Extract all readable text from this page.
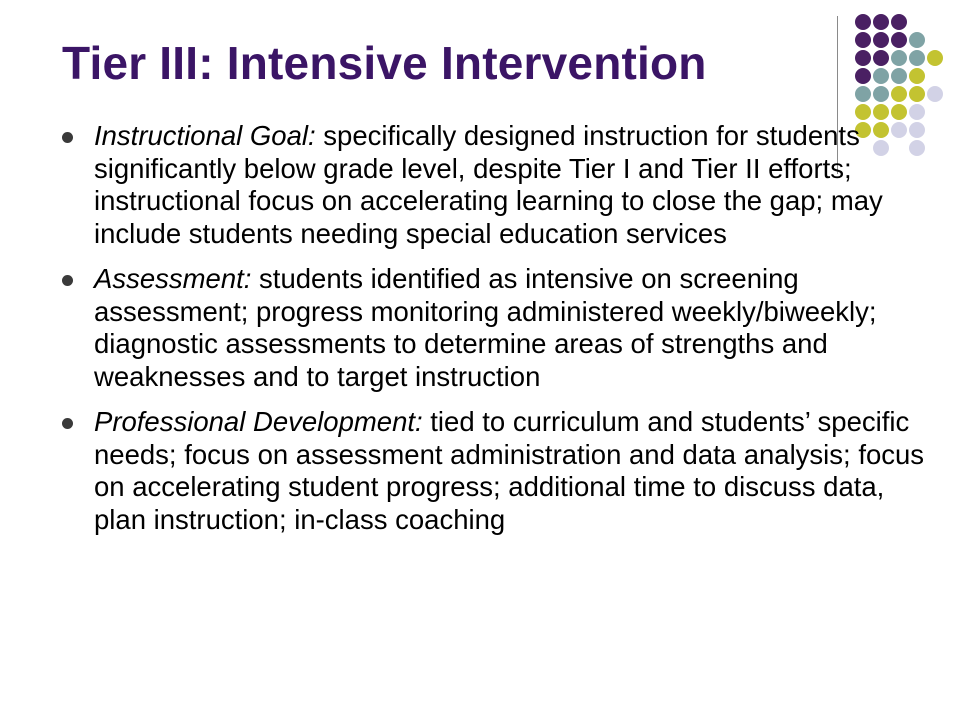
Tier III: Intensive Intervention
Instructional Goal: specifically designed instruction for students significantly below grade level, despite Tier I and Tier II efforts; instructional focus on accelerating learning to close the gap; may include students needing special education services
Assessment: students identified as intensive on screening assessment; progress monitoring administered weekly/biweekly; diagnostic assessments to determine areas of strengths and weaknesses and to target instruction
Professional Development: tied to curriculum and students’ specific needs; focus on assessment administration and data analysis; focus on accelerating student progress; additional time to discuss data, plan instruction; in-class coaching
